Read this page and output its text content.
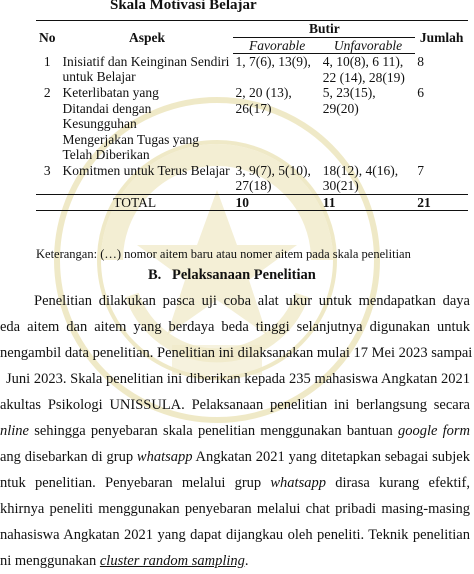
Skala Motivasi Belajar
No	Aspek	Butir		Jumlah
		Favorable	Unfavorable	
1	Inisiatif dan Keinginan Sendiri untuk Belajar	1, 7(6), 13(9),	4, 10(8), 6 11), 22 (14), 28(19)	8
2	Keterlibatan yang Ditandai dengan Kesungguhan Mengerjakan Tugas yang Telah Diberikan	2, 20 (13), 26(17)	5, 23(15), 29(20)	6
3	Komitmen untuk Terus Belajar	3, 9(7), 5(10), 27(18)	18(12), 4(16), 30(21)	7
TOTAL		10	11	21
Keterangan: (…) nomor aitem baru atau nomer aitem pada skala penelitian
B. Pelaksanaan Penelitian
Penelitian dilakukan pasca uji coba alat ukur untuk mendapatkan daya
eda aitem dan aitem yang berdaya beda tinggi selanjutnya digunakan untuk
nengambil data penelitian. Penelitian ini dilaksanakan mulai 17 Mei 2023 sampai
Juni 2023. Skala penelitian ini diberikan kepada 235 mahasiswa Angkatan 2021
akultas Psikologi UNISSULA. Pelaksanaan penelitian ini berlangsung secara
nline sehingga penyebaran skala penelitian menggunakan bantuan google form
ang disebarkan di grup whatsapp Angkatan 2021 yang ditetapkan sebagai subjek
ntuk penelitian. Penyebaran melalui grup whatsapp dirasa kurang efektif,
khirnya peneliti menggunakan penyebaran melalui chat pribadi masing-masing
nahasiswa Angkatan 2021 yang dapat dijangkau oleh peneliti. Teknik penelitian
ni menggunakan cluster random sampling.
